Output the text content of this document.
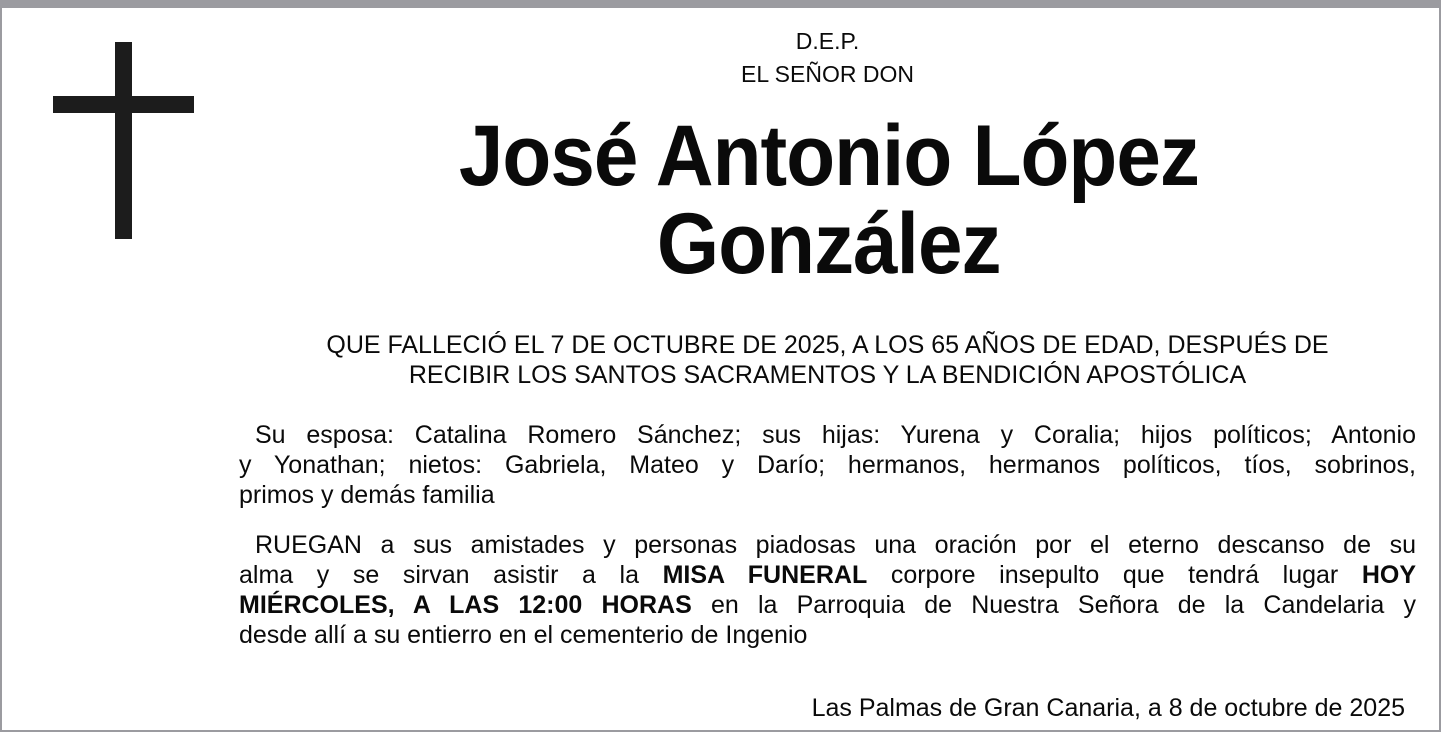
D.E.P.
EL SEÑOR DON
José Antonio López
González
QUE FALLECIÓ EL 7 DE OCTUBRE DE 2025, A LOS 65 AÑOS DE EDAD, DESPUÉS DE
RECIBIR LOS SANTOS SACRAMENTOS Y LA BENDICIÓN APOSTÓLICA
Su esposa: Catalina Romero Sánchez; sus hijas: Yurena y Coralia; hijos políticos; Antonio
y Yonathan; nietos: Gabriela, Mateo y Darío; hermanos, hermanos políticos, tíos, sobrinos,
primos y demás familia
RUEGAN a sus amistades y personas piadosas una oración por el eterno descanso de su
alma y se sirvan asistir a la MISA FUNERAL corpore insepulto que tendrá lugar HOY
MIÉRCOLES, A LAS 12:00 HORAS en la Parroquia de Nuestra Señora de la Candelaria y
desde allí a su entierro en el cementerio de Ingenio
Las Palmas de Gran Canaria, a 8 de octubre de 2025
